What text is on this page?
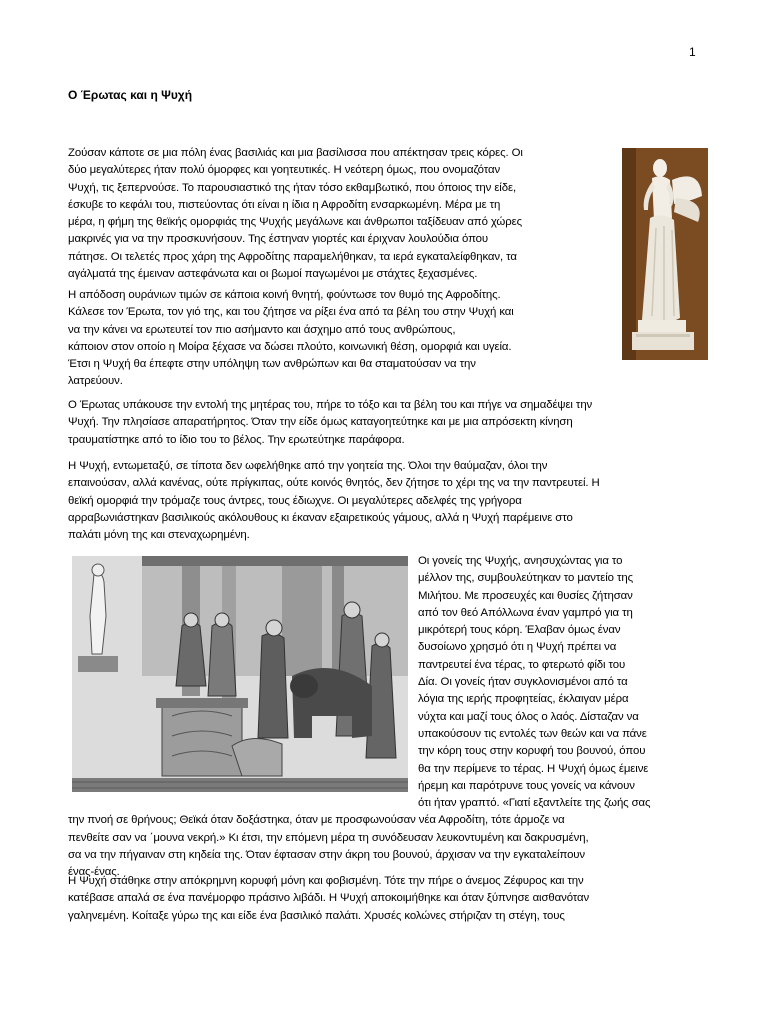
1
Ο Έρωτας και η Ψυχή

Ζούσαν κάποτε σε μια πόλη ένας βασιλιάς και μια βασίλισσα που απέκτησαν τρεις κόρες. Οι
δύο μεγαλύτερες ήταν πολύ όμορφες και γοητευτικές. Η νεότερη όμως, που ονομαζόταν
Ψυχή, τις ξεπερνούσε. Το παρουσιαστικό της ήταν τόσο εκθαμβωτικό, που όποιος την είδε,
έσκυβε το κεφάλι του, πιστεύοντας ότι είναι η ίδια η Αφροδίτη ενσαρκωμένη. Μέρα με τη
μέρα, η φήμη της θεϊκής ομορφιάς της Ψυχής μεγάλωνε και άνθρωποι ταξίδευαν από χώρες
μακρινές για να την προσκυνήσουν. Της έστηναν γιορτές και έριχναν λουλούδια όπου
πάτησε. Οι τελετές προς χάρη της Αφροδίτης παραμελήθηκαν, τα ιερά εγκαταλείφθηκαν, τα
αγάλματά της έμειναν αστεφάνωτα και οι βωμοί παγωμένοι με στάχτες ξεχασμένες.

Η απόδοση ουράνιων τιμών σε κάποια κοινή θνητή, φούντωσε τον θυμό της Αφροδίτης.
Κάλεσε τον Έρωτα, τον γιό της, και του ζήτησε να ρίξει ένα από τα βέλη του στην Ψυχή και
να την κάνει να ερωτευτεί τον πιο ασήμαντο και άσχημο από τους ανθρώπους,
κάποιον στον οποίο η Μοίρα ξέχασε να δώσει πλούτο, κοινωνική θέση, ομορφιά και υγεία.
Έτσι η Ψυχή θα έπεφτε στην υπόληψη των ανθρώπων και θα σταματούσαν να την
λατρεύουν.

Ο Έρωτας υπάκουσε την εντολή της μητέρας του, πήρε το τόξο και τα βέλη του και πήγε να σημαδέψει την
Ψυχή. Την πλησίασε απαρατήρητος. Όταν την είδε όμως καταγοητεύτηκε και με μια απρόσεκτη κίνηση
τραυματίστηκε από το ίδιο του το βέλος. Την ερωτεύτηκε παράφορα.

Η Ψυχή, εντωμεταξύ, σε τίποτα δεν ωφελήθηκε από την γοητεία της. Όλοι την θαύμαζαν, όλοι την
επαινούσαν, αλλά κανένας, ούτε πρίγκιπας, ούτε κοινός θνητός, δεν ζήτησε το χέρι της να την παντρευτεί. Η
θεϊκή ομορφιά την τρόμαζε τους άντρες, τους έδιωχνε. Οι μεγαλύτερες αδελφές της γρήγορα
αρραβωνιάστηκαν βασιλικούς ακόλουθους κι έκαναν εξαιρετικούς γάμους, αλλά η Ψυχή παρέμεινε στο
παλάτι μόνη της και στεναχωρημένη.

Οι γονείς της Ψυχής, ανησυχώντας για το
μέλλον της, συμβουλεύτηκαν το μαντείο της
Μιλήτου. Με προσευχές και θυσίες ζήτησαν
από τον θεό Απόλλωνα έναν γαμπρό για τη
μικρότερή τους κόρη. Έλαβαν όμως έναν
δυσοίωνο χρησμό ότι η Ψυχή πρέπει να
παντρευτεί ένα τέρας, το φτερωτό φίδι του
Δία. Οι γονείς ήταν συγκλονισμένοι από τα
λόγια της ιερής προφητείας, έκλαιγαν μέρα
νύχτα και μαζί τους όλος ο λαός. Δίσταζαν να
υπακούσουν τις εντολές των θεών και να πάνε
την κόρη τους στην κορυφή του βουνού, όπου
θα την περίμενε το τέρας. Η Ψυχή όμως έμεινε
ήρεμη και παρότρυνε τους γονείς να κάνουν
ότι ήταν γραπτό. «Γιατί εξαντλείτε της ζωής σας
την πνοή σε θρήνους; Θεϊκά όταν δοξάστηκα, όταν με προσφωνούσαν νέα Αφροδίτη, τότε άρμοζε να
πενθείτε σαν να ΄μουνα νεκρή.» Κι έτσι, την επόμενη μέρα τη συνόδευσαν λευκοντυμένη και δακρυσμένη,
σα να την πήγαιναν στη κηδεία της. Όταν έφτασαν στην άκρη του βουνού, άρχισαν να την εγκαταλείπουν
ένας-ένας.

Η Ψυχή στάθηκε στην απόκρημνη κορυφή μόνη και φοβισμένη. Τότε την πήρε ο άνεμος Ζέφυρος και την
κατέβασε απαλά σε ένα πανέμορφο πράσινο λιβάδι. Η Ψυχή αποκοιμήθηκε και όταν ξύπνησε αισθανόταν
γαληνεμένη. Κοίταξε γύρω της και είδε ένα βασιλικό παλάτι. Χρυσές κολώνες στήριζαν τη στέγη, τους
